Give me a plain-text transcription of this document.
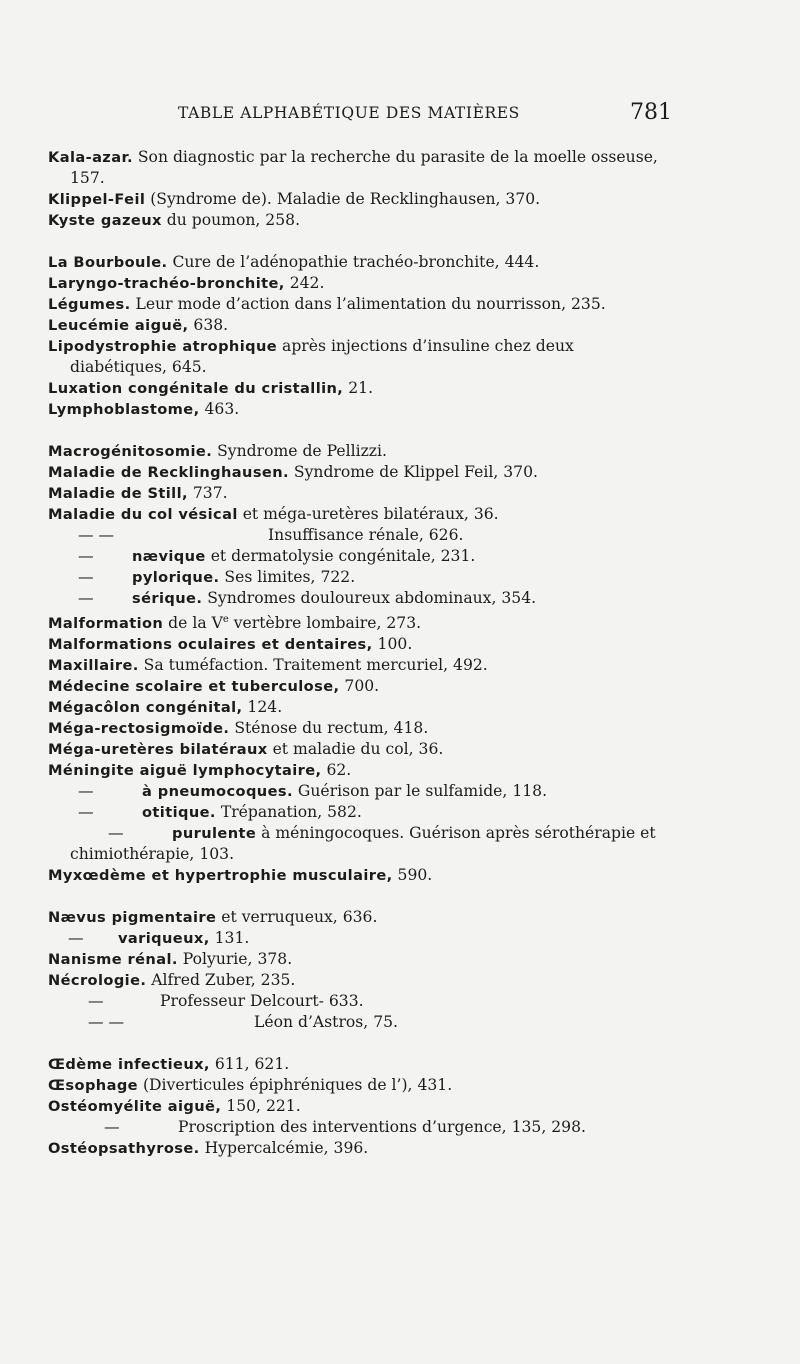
TABLE ALPHABÉTIQUE DES MATIÈRES	781

Kala-azar. Son diagnostic par la recherche du parasite de la moelle osseuse, 157.

Klippel-Feil (Syndrome de). Maladie de Recklinghausen, 370.

Kyste gazeux du poumon, 258.

La Bourboule. Cure de l’adénopathie trachéo-bronchite, 444.

Laryngo-trachéo-bronchite, 242.

Légumes. Leur mode d’action dans l’alimentation du nourrisson, 235.

Leucémie aiguë, 638.

Lipodystrophie atrophique après injections d’insuline chez deux diabétiques, 645.

Luxation congénitale du cristallin, 21.

Lymphoblastome, 463.

Macrogénitosomie. Syndrome de Pellizzi.

Maladie de Recklinghausen. Syndrome de Klippel Feil, 370.

Maladie de Still, 737.

Maladie du col vésical et méga-uretères bilatéraux, 36.

— —	Insuffisance rénale, 626.

—	nævique et dermatolysie congénitale, 231.

—	pylorique. Ses limites, 722.

—	sérique. Syndromes douloureux abdominaux, 354.

Malformation de la Ve vertèbre lombaire, 273.

Malformations oculaires et dentaires, 100.

Maxillaire. Sa tuméfaction. Traitement mercuriel, 492.

Médecine scolaire et tuberculose, 700.

Mégacôlon congénital, 124.

Méga-rectosigmoïde. Sténose du rectum, 418.

Méga-uretères bilatéraux et maladie du col, 36.

Méningite aiguë lymphocytaire, 62.

—	à pneumocoques. Guérison par le sulfamide, 118.

—	otitique. Trépanation, 582.

—	purulente à méningocoques. Guérison après sérothérapie et chimiothérapie, 103.

Myxœdème et hypertrophie musculaire, 590.

Nævus pigmentaire et verruqueux, 636.

— variqueux, 131.

Nanisme rénal. Polyurie, 378.

Nécrologie. Alfred Zuber, 235.

—	Professeur Delcourt- 633.

— —	Léon d’Astros, 75.

Œdème infectieux, 611, 621.

Œsophage (Diverticules épiphréniques de l’), 431.

Ostéomyélite aiguë, 150, 221.

—	Proscription des interventions d’urgence, 135, 298.

Ostéopsathyrose. Hypercalcémie, 396.
